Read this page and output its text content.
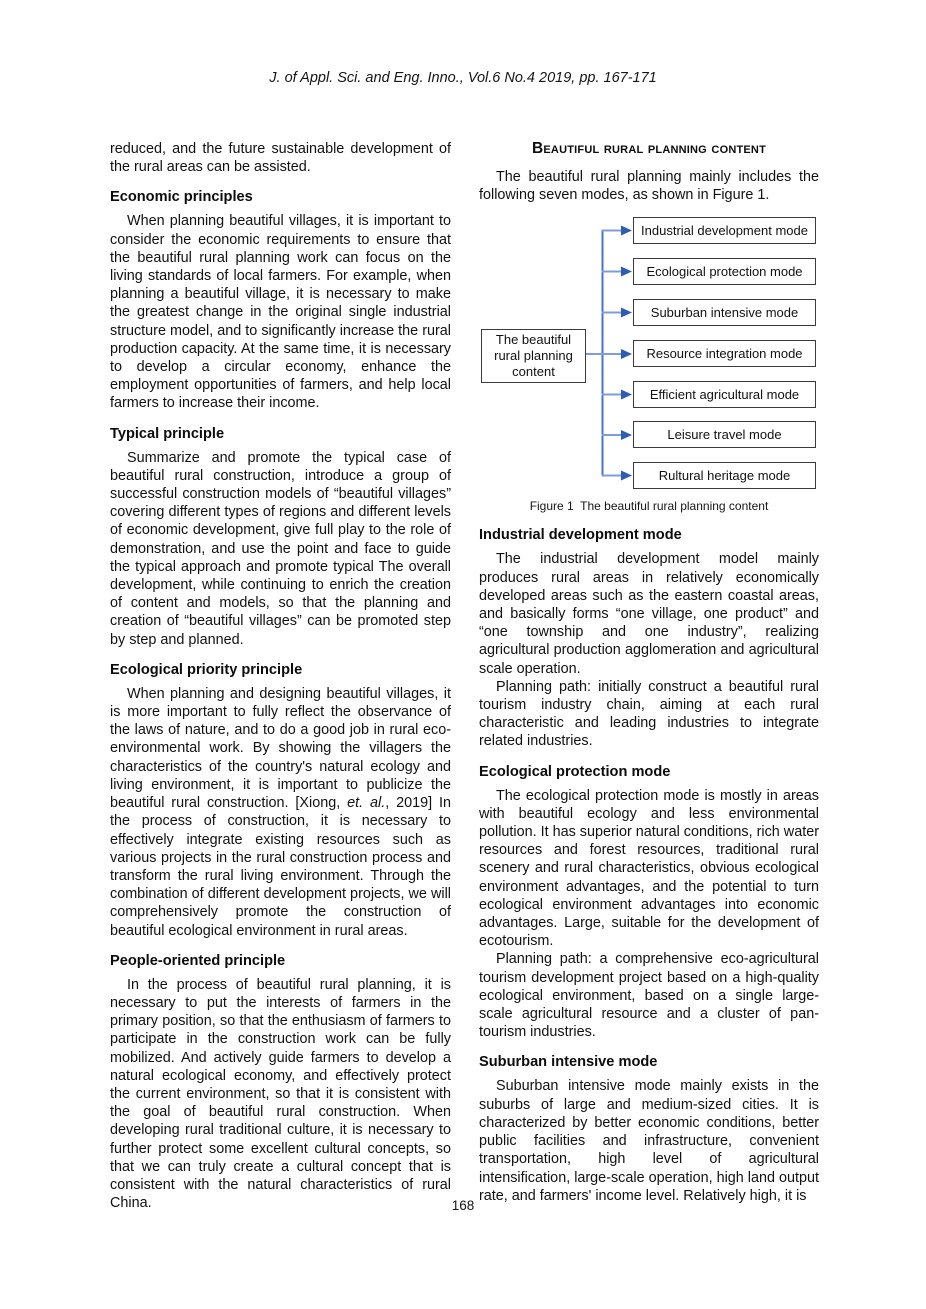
J. of Appl. Sci. and Eng. Inno., Vol.6 No.4 2019, pp. 167-171

reduced, and the future sustainable development of the rural areas can be assisted.

Economic principles

When planning beautiful villages, it is important to consider the economic requirements to ensure that the beautiful rural planning work can focus on the living standards of local farmers. For example, when planning a beautiful village, it is necessary to make the greatest change in the original single industrial structure model, and to significantly increase the rural production capacity. At the same time, it is necessary to develop a circular economy, enhance the employment opportunities of farmers, and help local farmers to increase their income.

Typical principle

Summarize and promote the typical case of beautiful rural construction, introduce a group of successful construction models of “beautiful villages” covering different types of regions and different levels of economic development, give full play to the role of demonstration, and use the point and face to guide the typical approach and promote typical The overall development, while continuing to enrich the creation of content and models, so that the planning and creation of “beautiful villages” can be promoted step by step and planned.

Ecological priority principle

When planning and designing beautiful villages, it is more important to fully reflect the observance of the laws of nature, and to do a good job in rural eco-environmental work. By showing the villagers the characteristics of the country's natural ecology and living environment, it is important to publicize the beautiful rural construction. [Xiong, et. al., 2019] In the process of construction, it is necessary to effectively integrate existing resources such as various projects in the rural construction process and transform the rural living environment. Through the combination of different development projects, we will comprehensively promote the construction of beautiful ecological environment in rural areas.

People-oriented principle

In the process of beautiful rural planning, it is necessary to put the interests of farmers in the primary position, so that the enthusiasm of farmers to participate in the construction work can be fully mobilized. And actively guide farmers to develop a natural ecological economy, and effectively protect the current environment, so that it is consistent with the goal of beautiful rural construction. When developing rural traditional culture, it is necessary to further protect some excellent cultural concepts, so that we can truly create a cultural concept that is consistent with the natural characteristics of rural China.

Beautiful rural planning content

The beautiful rural planning mainly includes the following seven modes, as shown in Figure 1.

The beautiful rural planning content
Industrial development mode
Ecological protection mode
Suburban intensive mode
Resource integration mode
Efficient agricultural mode
Leisure travel mode
Rultural heritage mode
Figure 1  The beautiful rural planning content
Industrial development mode

The industrial development model mainly produces rural areas in relatively economically developed areas such as the eastern coastal areas, and basically forms “one village, one product” and “one township and one industry”, realizing agricultural production agglomeration and agricultural scale operation.

Planning path: initially construct a beautiful rural tourism industry chain, aiming at each rural characteristic and leading industries to integrate related industries.

Ecological protection mode

The ecological protection mode is mostly in areas with beautiful ecology and less environmental pollution. It has superior natural conditions, rich water resources and forest resources, traditional rural scenery and rural characteristics, obvious ecological environment advantages, and the potential to turn ecological environment advantages into economic advantages. Large, suitable for the development of ecotourism.

Planning path: a comprehensive eco-agricultural tourism development project based on a high-quality ecological environment, based on a single large-scale agricultural resource and a cluster of pan-tourism industries.

Suburban intensive mode

Suburban intensive mode mainly exists in the suburbs of large and medium-sized cities. It is characterized by better economic conditions, better public facilities and infrastructure, convenient transportation, high level of agricultural intensification, large-scale operation, high land output rate, and farmers' income level. Relatively high, it is

168
